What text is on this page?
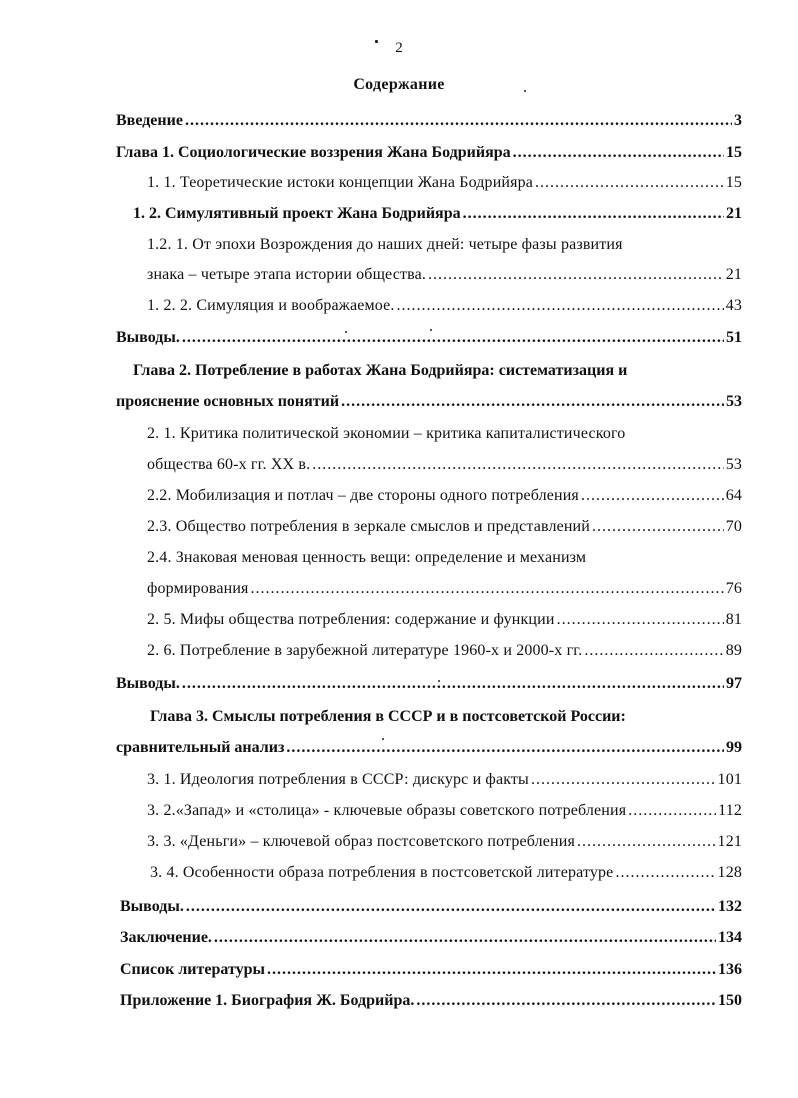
2
Содержание
Введение .....	3
Глава 1. Социологические воззрения Жана Бодрийяра .....	15
1. 1. Теоретические истоки концепции Жана Бодрийяра .....	15
1. 2. Симулятивный проект Жана Бодрийяра .....	21
1.2. 1. От эпохи Возрождения до наших дней: четыре фазы развития
знака – четыре этапа истории общества. .....	21
1. 2. 2. Симуляция и воображаемое. .....	43
Выводы. .....	51
Глава 2. Потребление в работах Жана Бодрийяра: систематизация и
прояснение основных понятий .....	53
2. 1. Критика политической экономии – критика капиталистического
общества 60-х гг. XX в. .....	53
2.2. Мобилизация и потлач – две стороны одного потребления .....	64
2.3. Общество потребления в зеркале смыслов и представлений .....	70
2.4. Знаковая меновая ценность вещи: определение и механизм
формирования .....	76
2. 5. Мифы общества потребления: содержание и функции .....	81
2. 6. Потребление в зарубежной литературе 1960-х и 2000-х гг. .....	89
Выводы. .....	97
Глава 3. Смыслы потребления в СССР и в постсоветской России:
сравнительный анализ .....	99
3. 1. Идеология потребления в СССР: дискурс и факты .....	101
3. 2.«Запад» и «столица» - ключевые образы советского потребления .....	112
3. 3. «Деньги» – ключевой образ постсоветского потребления .....	121
3. 4. Особенности образа потребления в постсоветской литературе .....	128
Выводы. .....	132
Заключение. .....	134
Список литературы .....	136
Приложение 1. Биография Ж. Бодрийра. .....	150
